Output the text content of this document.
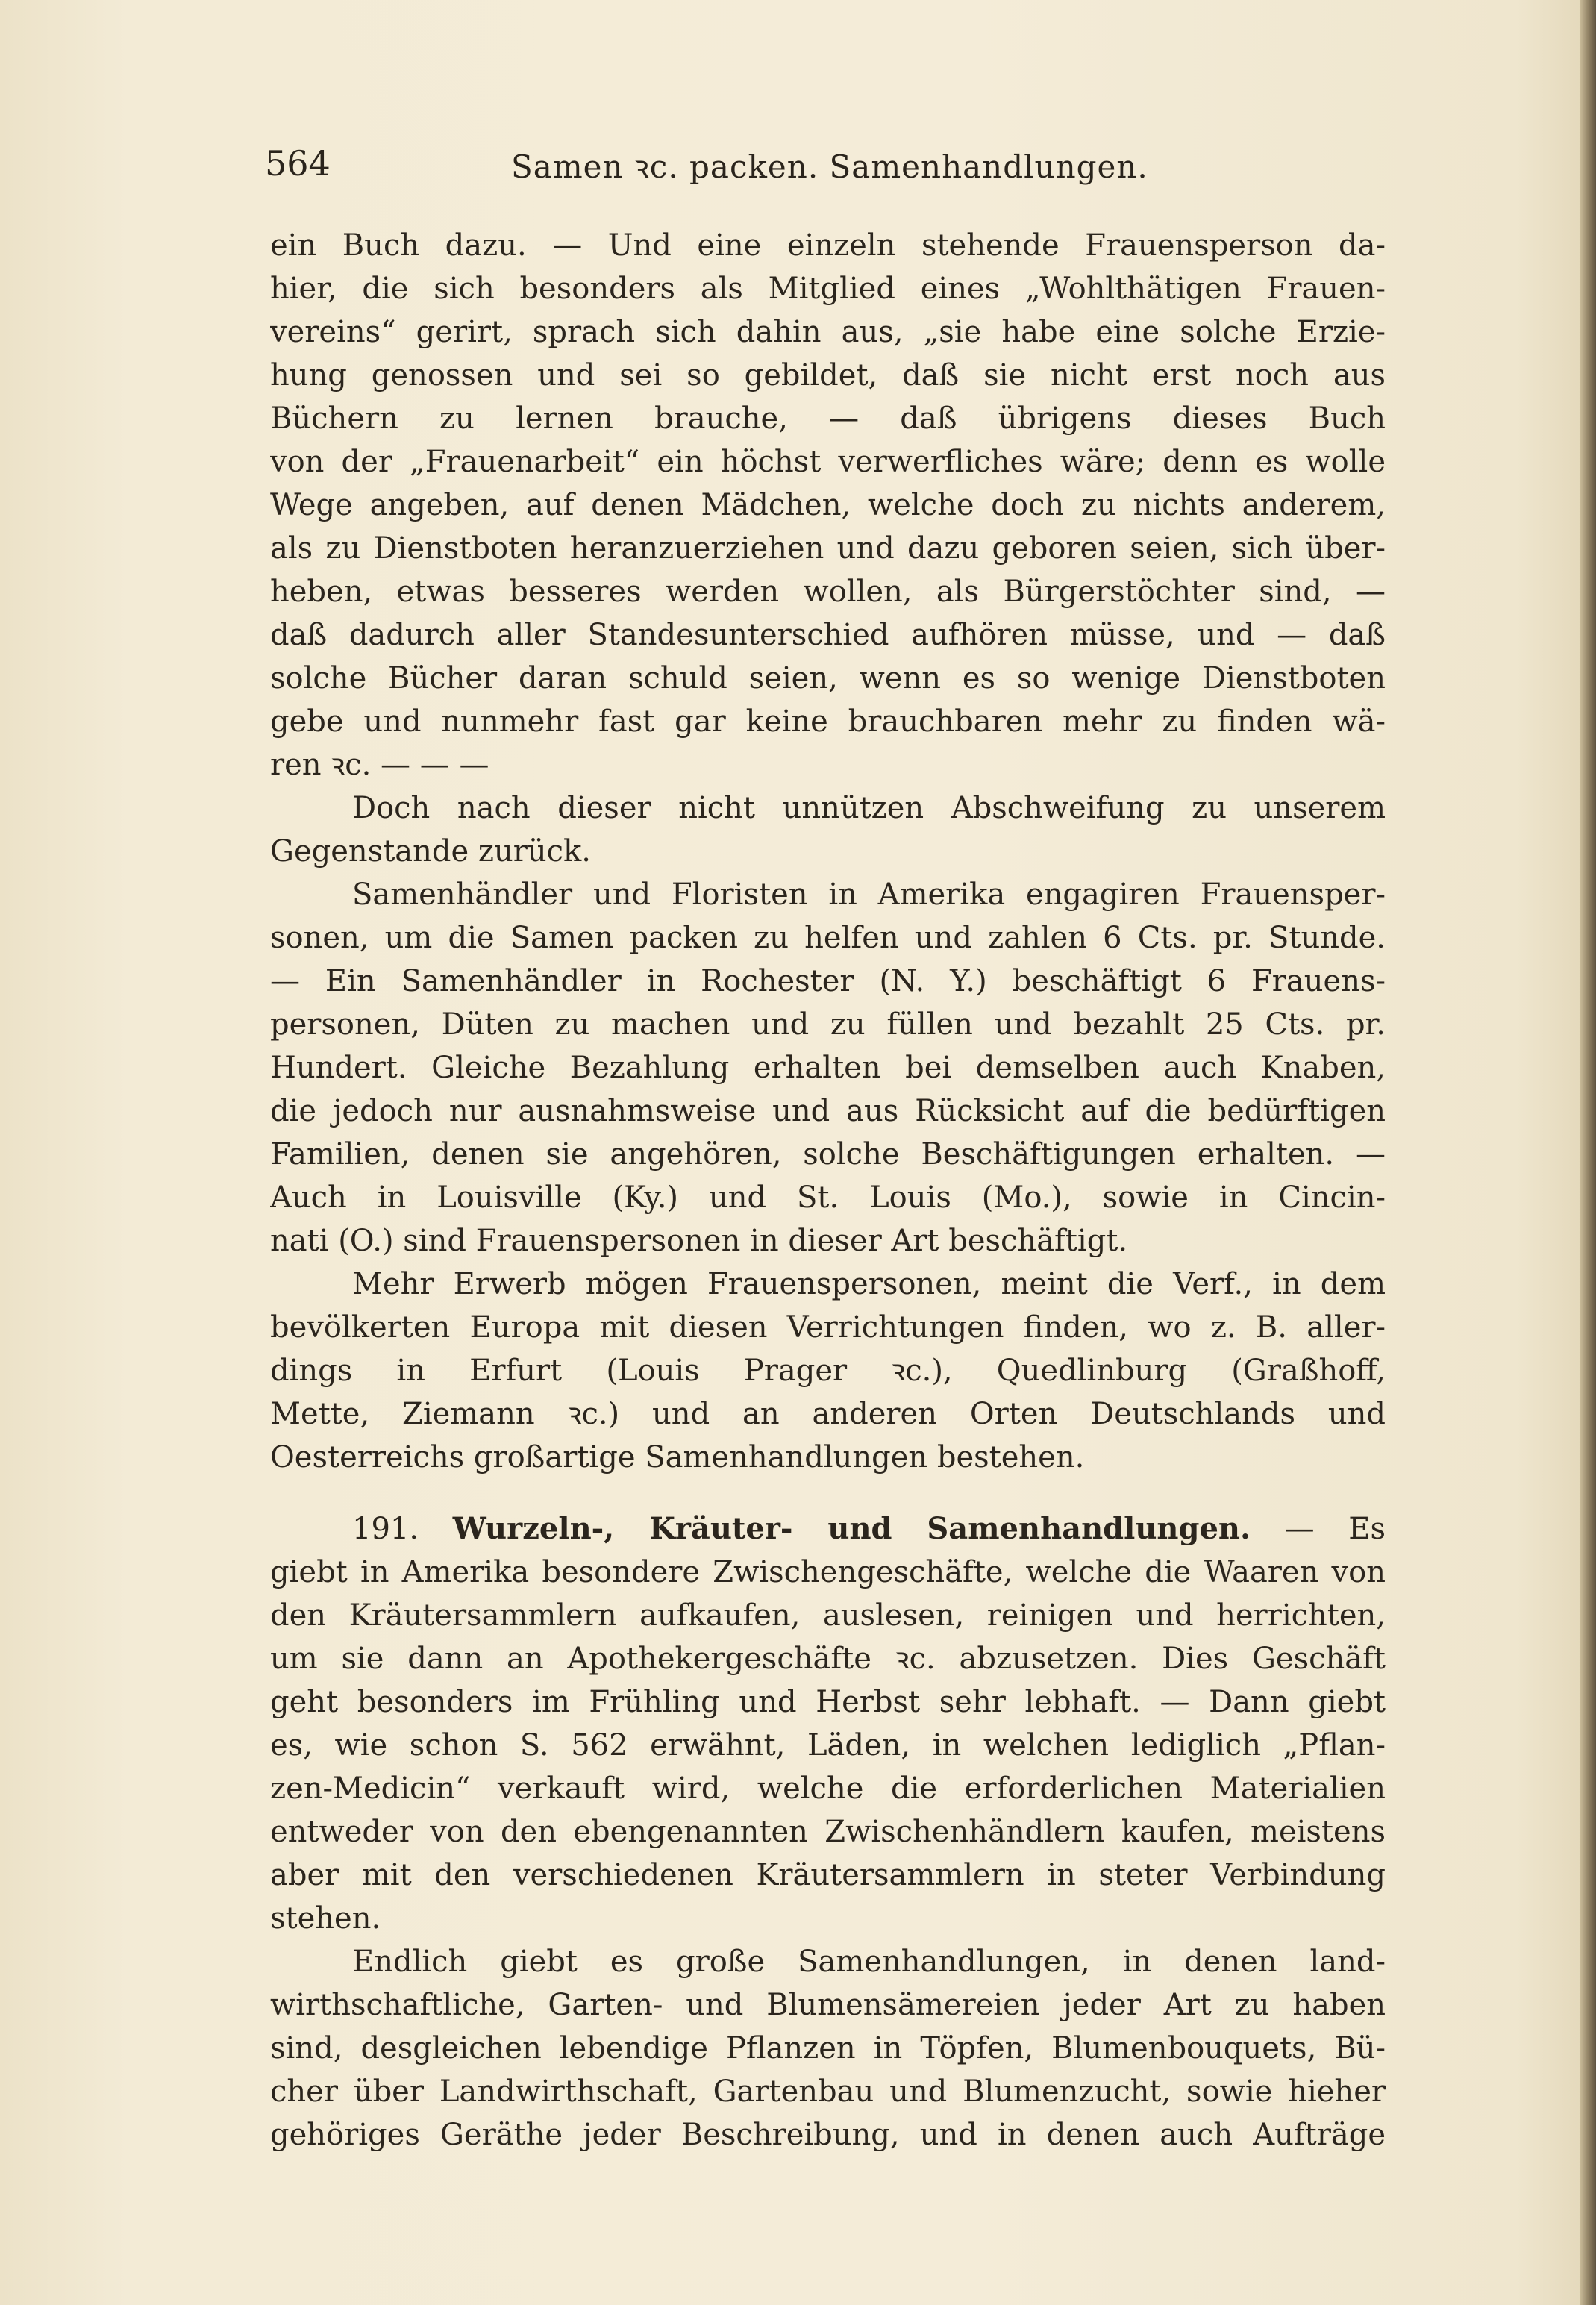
564	Samen ꝛc. packen. Samenhandlungen.
ein Buch dazu. — Und eine einzeln stehende Frauensperson da-
hier, die sich besonders als Mitglied eines „Wohlthätigen Frauen-
vereins“ gerirt, sprach sich dahin aus, „sie habe eine solche Erzie-
hung genossen und sei so gebildet, daß sie nicht erst noch aus
Büchern zu lernen brauche, — daß übrigens dieses Buch
von der „Frauenarbeit“ ein höchst verwerfliches wäre; denn es wolle
Wege angeben, auf denen Mädchen, welche doch zu nichts anderem,
als zu Dienstboten heranzuerziehen und dazu geboren seien, sich über-
heben, etwas besseres werden wollen, als Bürgerstöchter sind, —
daß dadurch aller Standesunterschied aufhören müsse, und — daß
solche Bücher daran schuld seien, wenn es so wenige Dienstboten
gebe und nunmehr fast gar keine brauchbaren mehr zu finden wä-
ren ꝛc. — — —
Doch nach dieser nicht unnützen Abschweifung zu unserem
Gegenstande zurück.
Samenhändler und Floristen in Amerika engagiren Frauensper-
sonen, um die Samen packen zu helfen und zahlen 6 Cts. pr. Stunde.
— Ein Samenhändler in Rochester (N. Y.) beschäftigt 6 Frauens-
personen, Düten zu machen und zu füllen und bezahlt 25 Cts. pr.
Hundert. Gleiche Bezahlung erhalten bei demselben auch Knaben,
die jedoch nur ausnahmsweise und aus Rücksicht auf die bedürftigen
Familien, denen sie angehören, solche Beschäftigungen erhalten. —
Auch in Louisville (Ky.) und St. Louis (Mo.), sowie in Cincin-
nati (O.) sind Frauenspersonen in dieser Art beschäftigt.
Mehr Erwerb mögen Frauenspersonen, meint die Verf., in dem
bevölkerten Europa mit diesen Verrichtungen finden, wo z. B. aller-
dings in Erfurt (Louis Prager ꝛc.), Quedlinburg (Graßhoff,
Mette, Ziemann ꝛc.) und an anderen Orten Deutschlands und
Oesterreichs großartige Samenhandlungen bestehen.
191. Wurzeln-, Kräuter- und Samenhandlungen. — Es
giebt in Amerika besondere Zwischengeschäfte, welche die Waaren von
den Kräutersammlern aufkaufen, auslesen, reinigen und herrichten,
um sie dann an Apothekergeschäfte ꝛc. abzusetzen. Dies Geschäft
geht besonders im Frühling und Herbst sehr lebhaft. — Dann giebt
es, wie schon S. 562 erwähnt, Läden, in welchen lediglich „Pflan-
zen-Medicin“ verkauft wird, welche die erforderlichen Materialien
entweder von den ebengenannten Zwischenhändlern kaufen, meistens
aber mit den verschiedenen Kräutersammlern in steter Verbindung
stehen.
Endlich giebt es große Samenhandlungen, in denen land-
wirthschaftliche, Garten- und Blumensämereien jeder Art zu haben
sind, desgleichen lebendige Pflanzen in Töpfen, Blumenbouquets, Bü-
cher über Landwirthschaft, Gartenbau und Blumenzucht, sowie hieher
gehöriges Geräthe jeder Beschreibung, und in denen auch Aufträge
